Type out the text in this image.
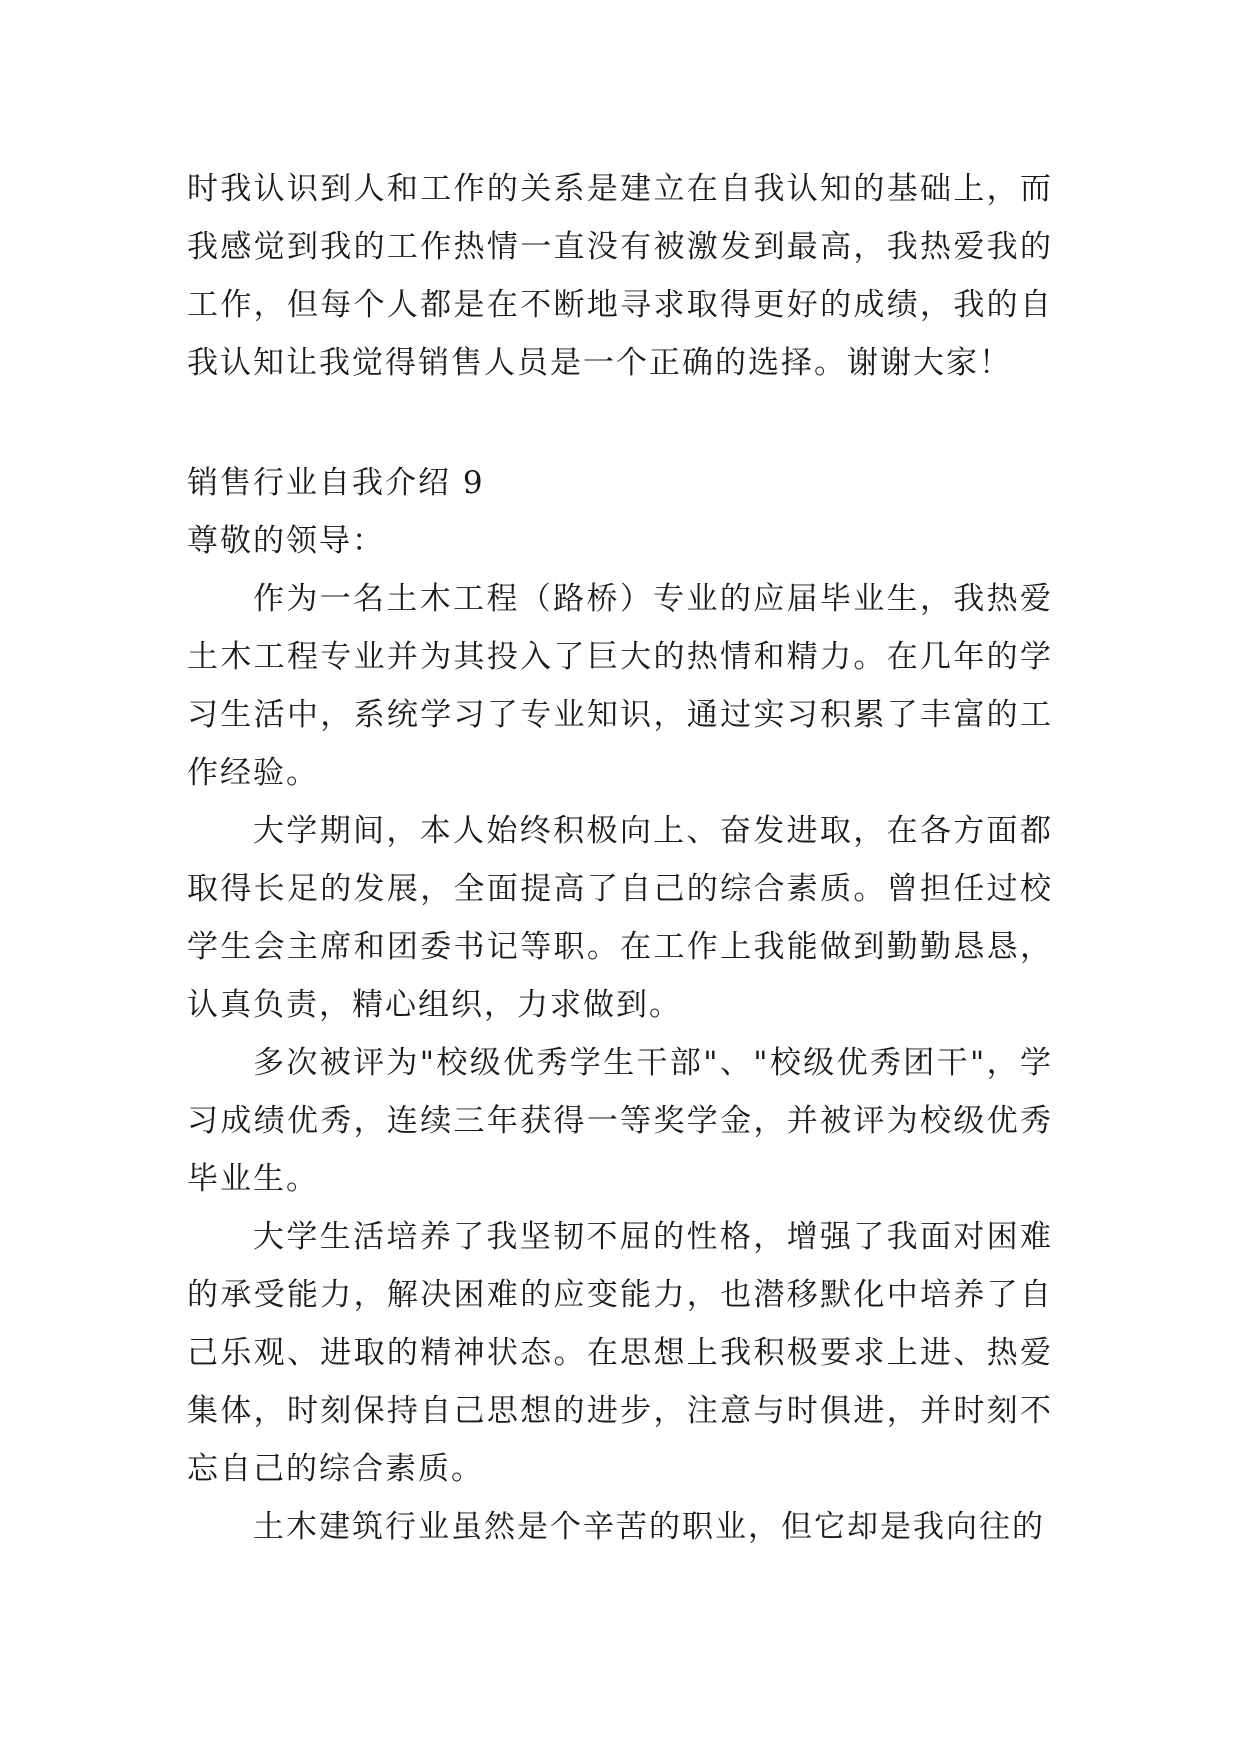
时我认识到人和工作的关系是建立在自我认知的基础上，而我感觉到我的工作热情一直没有被激发到最高，我热爱我的工作，但每个人都是在不断地寻求取得更好的成绩，我的自我认知让我觉得销售人员是一个正确的选择。谢谢大家！

销售行业自我介绍 9

尊敬的领导：

作为一名土木工程（路桥）专业的应届毕业生，我热爱土木工程专业并为其投入了巨大的热情和精力。在几年的学习生活中，系统学习了专业知识，通过实习积累了丰富的工作经验。

大学期间，本人始终积极向上、奋发进取，在各方面都取得长足的发展，全面提高了自己的综合素质。曾担任过校学生会主席和团委书记等职。在工作上我能做到勤勤恳恳，认真负责，精心组织，力求做到。

多次被评为"校级优秀学生干部"、"校级优秀团干"，学习成绩优秀，连续三年获得一等奖学金，并被评为校级优秀毕业生。

大学生活培养了我坚韧不屈的性格，增强了我面对困难的承受能力，解决困难的应变能力，也潜移默化中培养了自己乐观、进取的精神状态。在思想上我积极要求上进、热爱集体，时刻保持自己思想的进步，注意与时俱进，并时刻不忘自己的综合素质。

土木建筑行业虽然是个辛苦的职业，但它却是我向往的
